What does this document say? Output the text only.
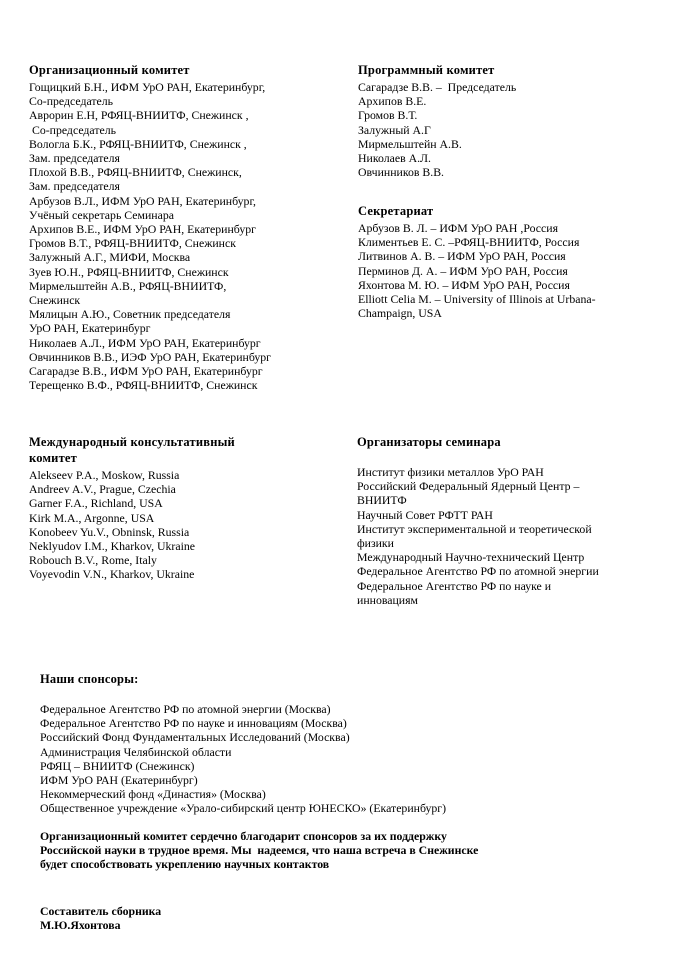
Организационный комитет
Гощицкий Б.Н., ИФМ УрО РАН, Екатеринбург,
Со-председатель
Аврорин Е.Н, РФЯЦ-ВНИИТФ, Снежинск ,
Со-председатель
Вологла Б.К., РФЯЦ-ВНИИТФ, Снежинск ,
Зам. председателя
Плохой В.В., РФЯЦ-ВНИИТФ, Снежинск,
Зам. председателя
Арбузов В.Л., ИФМ УрО РАН, Екатеринбург,
Учёный секретарь Семинара
Архипов В.Е., ИФМ УрО РАН, Екатеринбург
Громов В.Т., РФЯЦ-ВНИИТФ, Снежинск
Залужный А.Г., МИФИ, Москва
Зуев Ю.Н., РФЯЦ-ВНИИТФ, Снежинск
Мирмельштейн А.В., РФЯЦ-ВНИИТФ,
Снежинск
Мялицын А.Ю., Советник председателя
УрО РАН, Екатеринбург
Николаев А.Л., ИФМ УрО РАН, Екатеринбург
Овчинников В.В., ИЭФ УрО РАН, Екатеринбург
Сагарадзе В.В., ИФМ УрО РАН, Екатеринбург
Терещенко В.Ф., РФЯЦ-ВНИИТФ, Снежинск
Программный комитет
Сагарадзе В.В. –  Председатель
Архипов В.Е.
Громов В.Т.
Залужный А.Г
Мирмельштейн А.В.
Николаев А.Л.
Овчинников В.В.
Секретариат
Арбузов В. Л. – ИФМ УрО РАН ,Россия
Климентьев Е. С. –РФЯЦ-ВНИИТФ, Россия
Литвинов А. В. – ИФМ УрО РАН, Россия
Перминов Д. А. – ИФМ УрО РАН, Россия
Яхонтова М. Ю. – ИФМ УрО РАН, Россия
Elliott Celia M. – University of Illinois at Urbana-
Champaign, USA
Международный консультативный
комитет
Alekseev P.A., Moskow, Russia
Andreev A.V., Prague, Czechia
Garner F.A., Richland, USA
Kirk M.A., Argonne, USA
Konobeev Yu.V., Obninsk, Russia
Neklyudov I.M., Kharkov, Ukraine
Robouch B.V., Rome, Italy
Voyevodin V.N., Kharkov, Ukraine
Организаторы семинара
Институт физики металлов УрО РАН
Российский Федеральный Ядерный Центр –
ВНИИТФ
Научный Совет РФТТ РАН
Институт экспериментальной и теоретической
физики
Международный Научно-технический Центр
Федеральное Агентство РФ по атомной энергии
Федеральное Агентство РФ по науке и
инновациям
Наши спонсоры:
Федеральное Агентство РФ по атомной энергии (Москва)
Федеральное Агентство РФ по науке и инновациям (Москва)
Российский Фонд Фундаментальных Исследований (Москва)
Администрация Челябинской области
РФЯЦ – ВНИИТФ (Снежинск)
ИФМ УрО РАН (Екатеринбург)
Некоммерческий фонд «Династия» (Москва)
Общественное учреждение «Урало-сибирский центр ЮНЕСКО» (Екатеринбург)
Организационный комитет сердечно благодарит спонсоров за их поддержку
Российской науки в трудное время. Мы  надеемся, что наша встреча в Снежинске
будет способствовать укреплению научных контактов
Составитель сборника
М.Ю.Яхонтова
